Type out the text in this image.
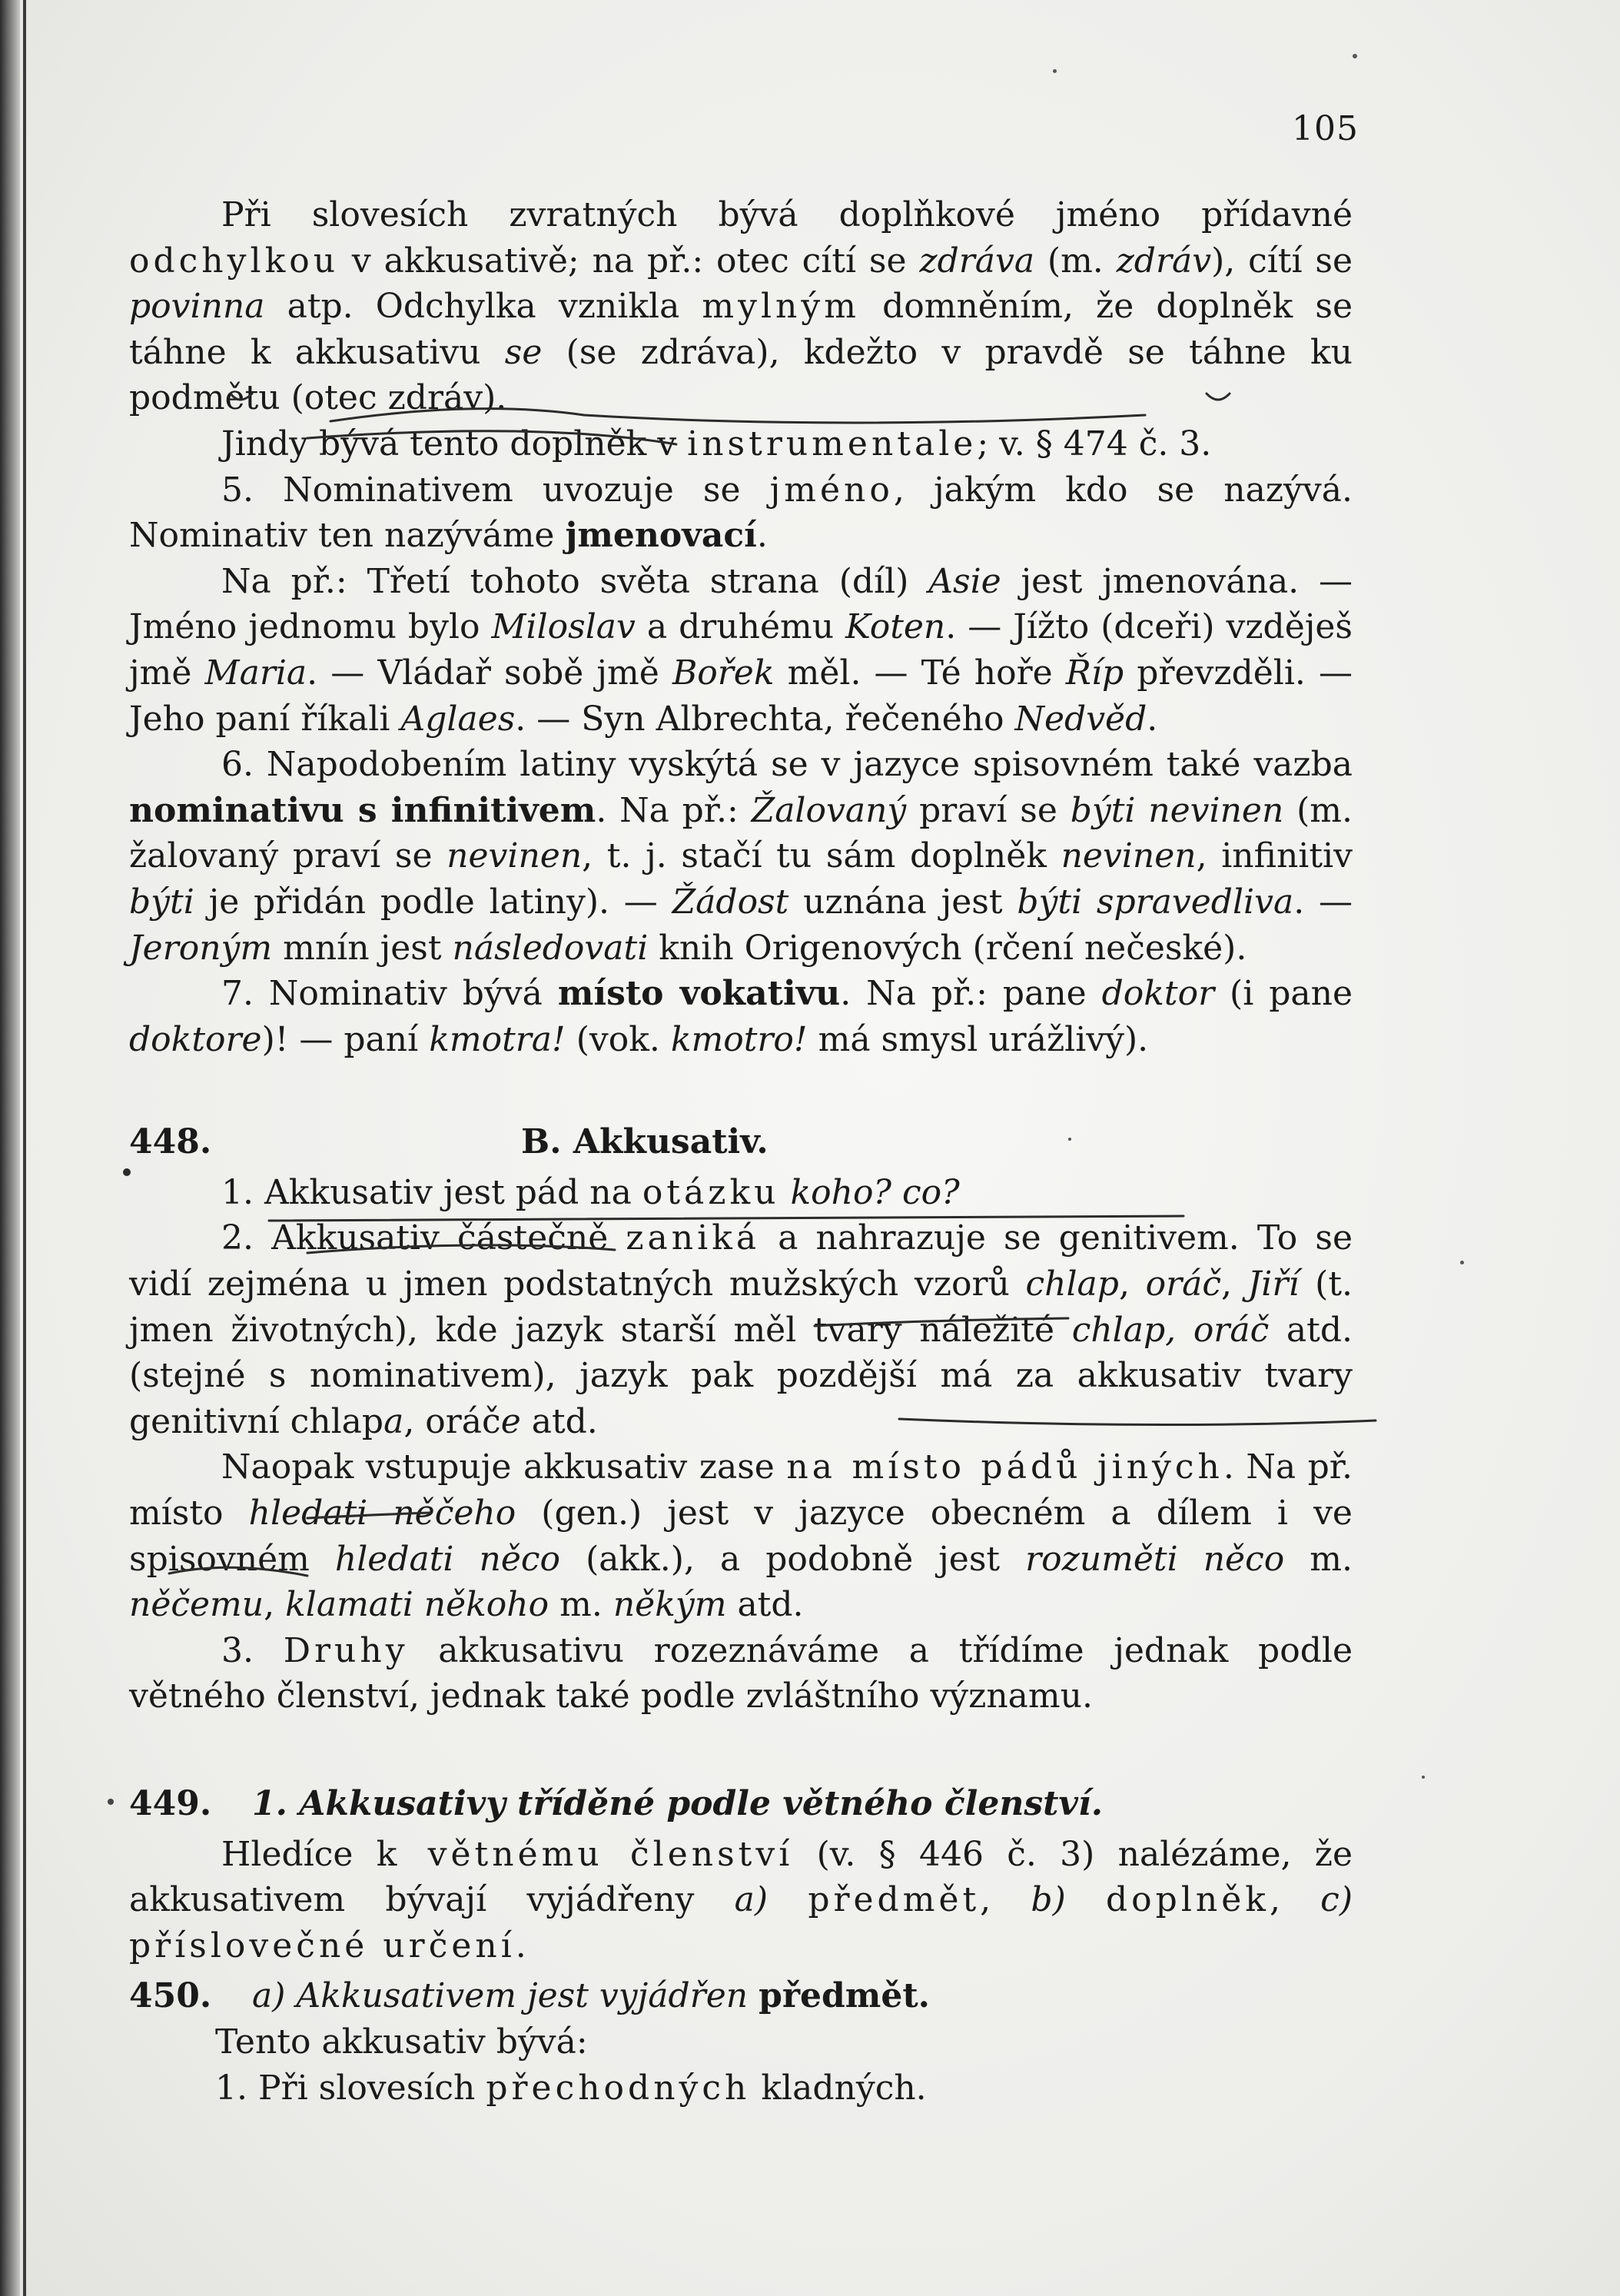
105

Při slovesích zvratných bývá doplňkové jméno přídavné odchylkou v akkusativě; na př.: otec cítí se zdráva (m. zdráv), cítí se povinna atp. Odchylka vznikla mylným domněním, že doplněk se táhne k akkusativu se (se zdráva), kdežto v pravdě se táhne ku podmětu (otec zdráv).

Jindy bývá tento doplněk v instrumentale; v. § 474 č. 3.

5. Nominativem uvozuje se jméno, jakým kdo se nazývá. Nominativ ten nazýváme jmenovací.

Na př.: Třetí tohoto světa strana (díl) Asie jest jmenována. — Jméno jednomu bylo Miloslav a druhému Koten. — Jížto (dceři) vzděješ jmě Maria. — Vládař sobě jmě Bořek měl. — Té hoře Říp převzděli. — Jeho paní říkali Aglaes. — Syn Albrechta, řečeného Nedvěd.

6. Napodobením latiny vyskýtá se v jazyce spisovném také vazba nominativu s infinitivem. Na př.: Žalovaný praví se býti nevinen (m. žalovaný praví se nevinen, t. j. stačí tu sám doplněk nevinen, infinitiv býti je přidán podle latiny). — Žádost uznána jest býti spravedliva. — Jeroným mnín jest následovati knih Origenových (rčení nečeské).

7. Nominativ bývá místo vokativu. Na př.: pane doktor (i pane doktore)! — paní kmotra! (vok. kmotro! má smysl urážlivý).

448.	B. Akkusativ.

1. Akkusativ jest pád na otázku koho? co?

2. Akkusativ částečně zaniká a nahrazuje se genitivem. To se vidí zejména u jmen podstatných mužských vzorů chlap, oráč, Jiří (t. jmen životných), kde jazyk starší měl tvary náležité chlap, oráč atd. (stejné s nominativem), jazyk pak pozdější má za akkusativ tvary genitivní chlapa, oráče atd.

Naopak vstupuje akkusativ zase na místo pádů jiných. Na př. místo hledati něčeho (gen.) jest v jazyce obecném a dílem i ve spisovném hledati něco (akk.), a podobně jest rozuměti něco m. něčemu, klamati někoho m. někým atd.

3. Druhy akkusativu rozeznáváme a třídíme jednak podle větného členství, jednak také podle zvláštního významu.

449.	1. Akkusativy tříděné podle větného členství.

Hledíce k větnému členství (v. § 446 č. 3) nalézáme, že akkusativem bývají vyjádřeny a) předmět, b) doplněk, c) příslovečné určení.

450.	a) Akkusativem jest vyjádřen předmět.

Tento akkusativ bývá:

1. Při slovesích přechodných kladných.
